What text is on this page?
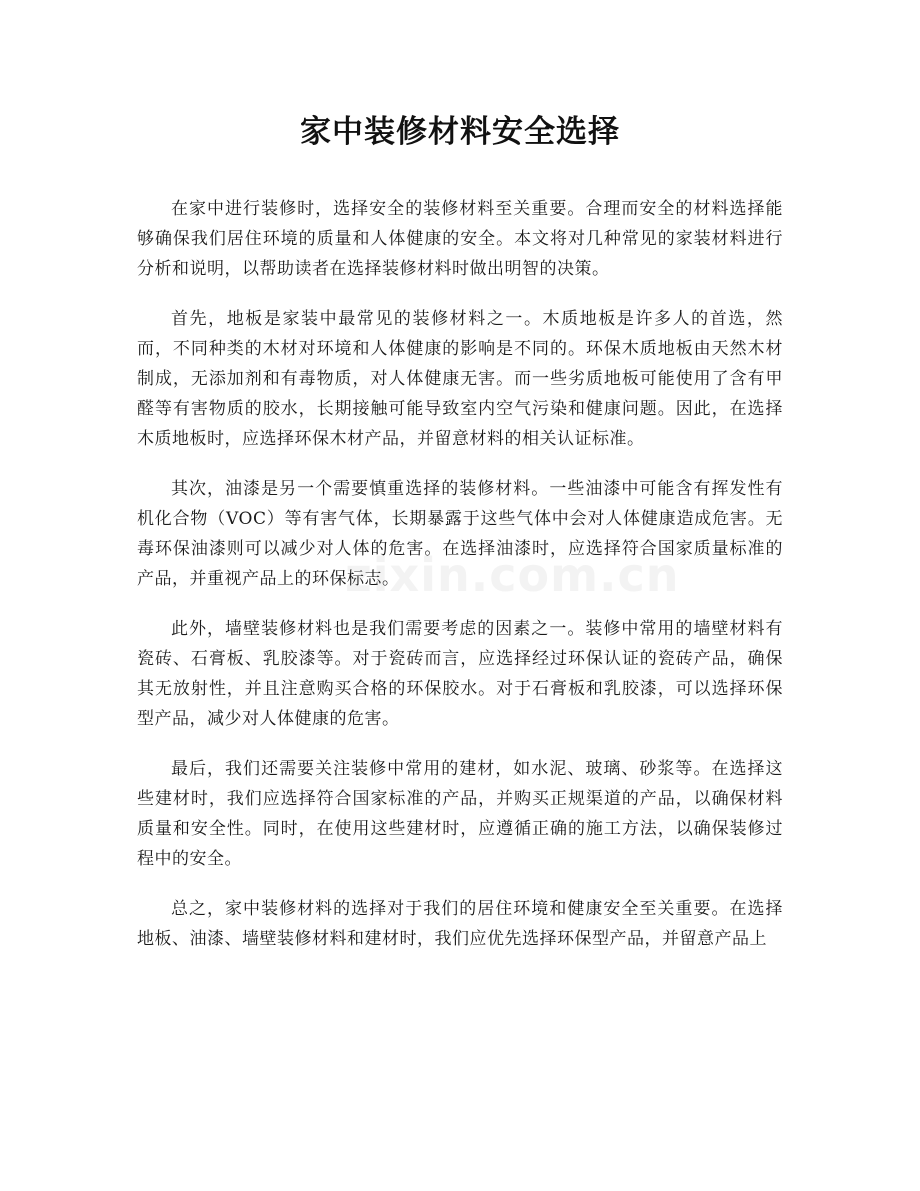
家中装修材料安全选择

在家中进行装修时，选择安全的装修材料至关重要。合理而安全的材料选择能够确保我们居住环境的质量和人体健康的安全。本文将对几种常见的家装材料进行分析和说明，以帮助读者在选择装修材料时做出明智的决策。

首先，地板是家装中最常见的装修材料之一。木质地板是许多人的首选，然而，不同种类的木材对环境和人体健康的影响是不同的。环保木质地板由天然木材制成，无添加剂和有毒物质，对人体健康无害。而一些劣质地板可能使用了含有甲醛等有害物质的胶水，长期接触可能导致室内空气污染和健康问题。因此，在选择木质地板时，应选择环保木材产品，并留意材料的相关认证标准。

其次，油漆是另一个需要慎重选择的装修材料。一些油漆中可能含有挥发性有机化合物（VOC）等有害气体，长期暴露于这些气体中会对人体健康造成危害。无毒环保油漆则可以减少对人体的危害。在选择油漆时，应选择符合国家质量标准的产品，并重视产品上的环保标志。

此外，墙壁装修材料也是我们需要考虑的因素之一。装修中常用的墙壁材料有瓷砖、石膏板、乳胶漆等。对于瓷砖而言，应选择经过环保认证的瓷砖产品，确保其无放射性，并且注意购买合格的环保胶水。对于石膏板和乳胶漆，可以选择环保型产品，减少对人体健康的危害。

最后，我们还需要关注装修中常用的建材，如水泥、玻璃、砂浆等。在选择这些建材时，我们应选择符合国家标准的产品，并购买正规渠道的产品，以确保材料质量和安全性。同时，在使用这些建材时，应遵循正确的施工方法，以确保装修过程中的安全。

总之，家中装修材料的选择对于我们的居住环境和健康安全至关重要。在选择地板、油漆、墙壁装修材料和建材时，我们应优先选择环保型产品，并留意产品上

zixin.com.cn
